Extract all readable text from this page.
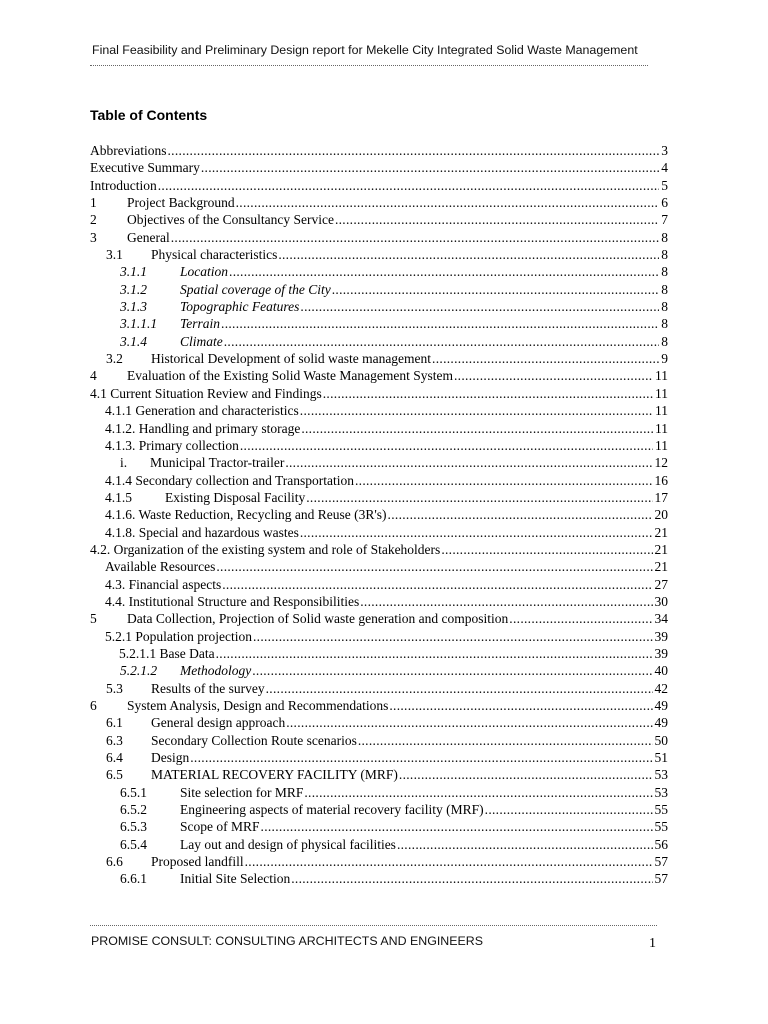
Final Feasibility and Preliminary Design report for Mekelle City Integrated Solid Waste Management
Table of Contents
Abbreviations .....	3
Executive Summary .....	4
Introduction .....	5
1	Project Background .....	6
2	Objectives of the Consultancy Service .....	7
3	General .....	8
3.1	Physical characteristics .....	8
3.1.1	Location .....	8
3.1.2	Spatial coverage of the City .....	8
3.1.3	Topographic Features .....	8
3.1.1.1	Terrain .....	8
3.1.4	Climate .....	8
3.2	Historical Development of solid waste management .....	9
4	Evaluation of the Existing Solid Waste Management System .....	11
4.1 Current Situation Review and Findings .....	11
4.1.1 Generation and characteristics .....	11
4.1.2. Handling and primary storage .....	11
4.1.3. Primary collection .....	11
i.	Municipal Tractor-trailer .....	12
4.1.4 Secondary collection and Transportation .....	16
4.1.5	Existing Disposal Facility .....	17
4.1.6. Waste Reduction, Recycling and Reuse (3R's) .....	20
4.1.8. Special and hazardous wastes .....	21
4.2. Organization of the existing system and role of Stakeholders .....	21
Available Resources .....	21
4.3. Financial aspects .....	27
4.4. Institutional Structure and Responsibilities .....	30
5	Data Collection, Projection of Solid waste generation and composition .....	34
5.2.1 Population projection .....	39
5.2.1.1 Base Data .....	39
5.2.1.2	Methodology .....	40
5.3	Results of the survey .....	42
6	System Analysis, Design and Recommendations .....	49
6.1	General design approach .....	49
6.3	Secondary Collection Route scenarios .....	50
6.4	Design .....	51
6.5	MATERIAL RECOVERY FACILITY (MRF) .....	53
6.5.1	Site selection for MRF .....	53
6.5.2	Engineering aspects of material recovery facility (MRF) .....	55
6.5.3	Scope of MRF .....	55
6.5.4	Lay out and design of physical facilities .....	56
6.6	Proposed landfill .....	57
6.6.1	Initial Site Selection .....	57
PROMISE CONSULT: CONSULTING ARCHITECTS AND ENGINEERS	1
